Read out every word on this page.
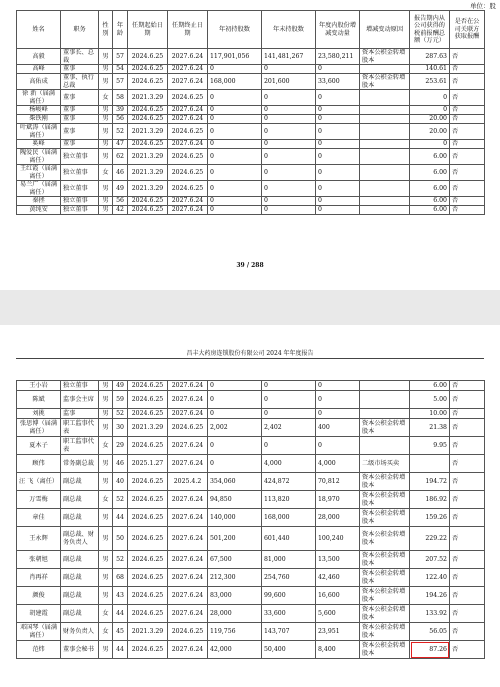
单位：股
姓名	职务	性别	年龄	任期起始日期	任期终止日期	年初持股数	年末持股数	年度内股份增减变动量	增减变动原因	报告期内从公司获得的税前报酬总额（万元）	是否在公司关联方获取报酬
高毅	董事长、总裁	男	57	2024.6.25	2027.6.24	117,901,056	141,481,267	23,580,211	资本公积金转增股本	287.63	否
高峰	董事	男	54	2024.6.25	2027.6.24	0	0	0		140.61	否
高佑成	董事、执行总裁	男	57	2024.6.25	2027.6.24	168,000	201,600	33,600	资本公积金转增股本	253.61	否
徐 新（届满离任）	董事	女	58	2021.3.29	2024.6.25	0	0	0		0	否
杨峻峰	董事	男	39	2024.6.25	2027.6.24	0	0	0		0	否
柴铁刚	董事	男	56	2024.6.25	2027.6.24	0	0	0		20.00	否
叶斌涛（届满离任）	董事	男	52	2021.3.29	2024.6.25	0	0	0		20.00	否
奚峰	董事	男	47	2024.6.25	2027.6.24	0	0	0		0	否
隗爱民（届满离任）	独立董事	男	62	2021.3.29	2024.6.25	0	0	0		6.00	否
王红霞（届满离任）	独立董事	女	46	2021.3.29	2024.6.25	0	0	0		6.00	否
易兰广（届满离任）	独立董事	男	49	2021.3.29	2024.6.25	0	0	0		6.00	否
秦拯	独立董事	男	56	2024.6.25	2027.6.24	0	0	0		6.00	否
黄纯安	独立董事	男	42	2024.6.25	2027.6.24	0	0	0		6.00	否
39 / 288
昌丰大药房连锁股份有限公司 2024 年年度报告
王小岩	独立董事	男	49	2024.6.25	2027.6.24	0	0	0		6.00	否
陈斌	监事会主席	男	59	2024.6.25	2027.6.24	0	0	0		5.00	否
刘挑	监事	男	52	2024.6.25	2027.6.24	0	0	0		10.00	否
张思博（届满离任）	职工监事代表	男	30	2021.3.29	2024.6.25	2,002	2,402	400	资本公积金转增股本	21.38	否
夏木子	职工监事代表	女	29	2024.6.25	2027.6.24	0	0	0		9.95	否
顾伟	常务副总裁	男	46	2025.1.27	2027.6.24	0	4,000	4,000	二级市场买卖		否
汪 飞（离任）	副总裁	男	40	2024.6.25	2025.4.2	354,060	424,872	70,812	资本公积金转增股本	194.72	否
万雪梅	副总裁	女	52	2024.6.25	2027.6.24	94,850	113,820	18,970	资本公积金转增股本	186.92	否
章佳	副总裁	男	44	2024.6.25	2027.6.24	140,000	168,000	28,000	资本公积金转增股本	159.26	否
王永辉	副总裁、财务负责人	男	50	2024.6.25	2027.6.24	501,200	601,440	100,240	资本公积金转增股本	229.22	否
张朝旭	副总裁	男	52	2024.6.25	2027.6.24	67,500	81,000	13,500	资本公积金转增股本	207.52	否
肖再祥	副总裁	男	68	2024.6.25	2027.6.24	212,300	254,760	42,460	资本公积金转增股本	122.40	否
颜俊	副总裁	男	43	2024.6.25	2027.6.24	83,000	99,600	16,600	资本公积金转增股本	194.26	否
胡建霞	副总裁	女	44	2024.6.25	2027.6.24	28,000	33,600	5,600	资本公积金转增股本	133.92	否
邓国琴（届满离任）	财务负责人	女	45	2021.3.29	2024.6.25	119,756	143,707	23,951	资本公积金转增股本	56.05	否
范炜	董事会秘书	男	44	2024.6.25	2027.6.24	42,000	50,400	8,400	资本公积金转增股本	87.26	否
